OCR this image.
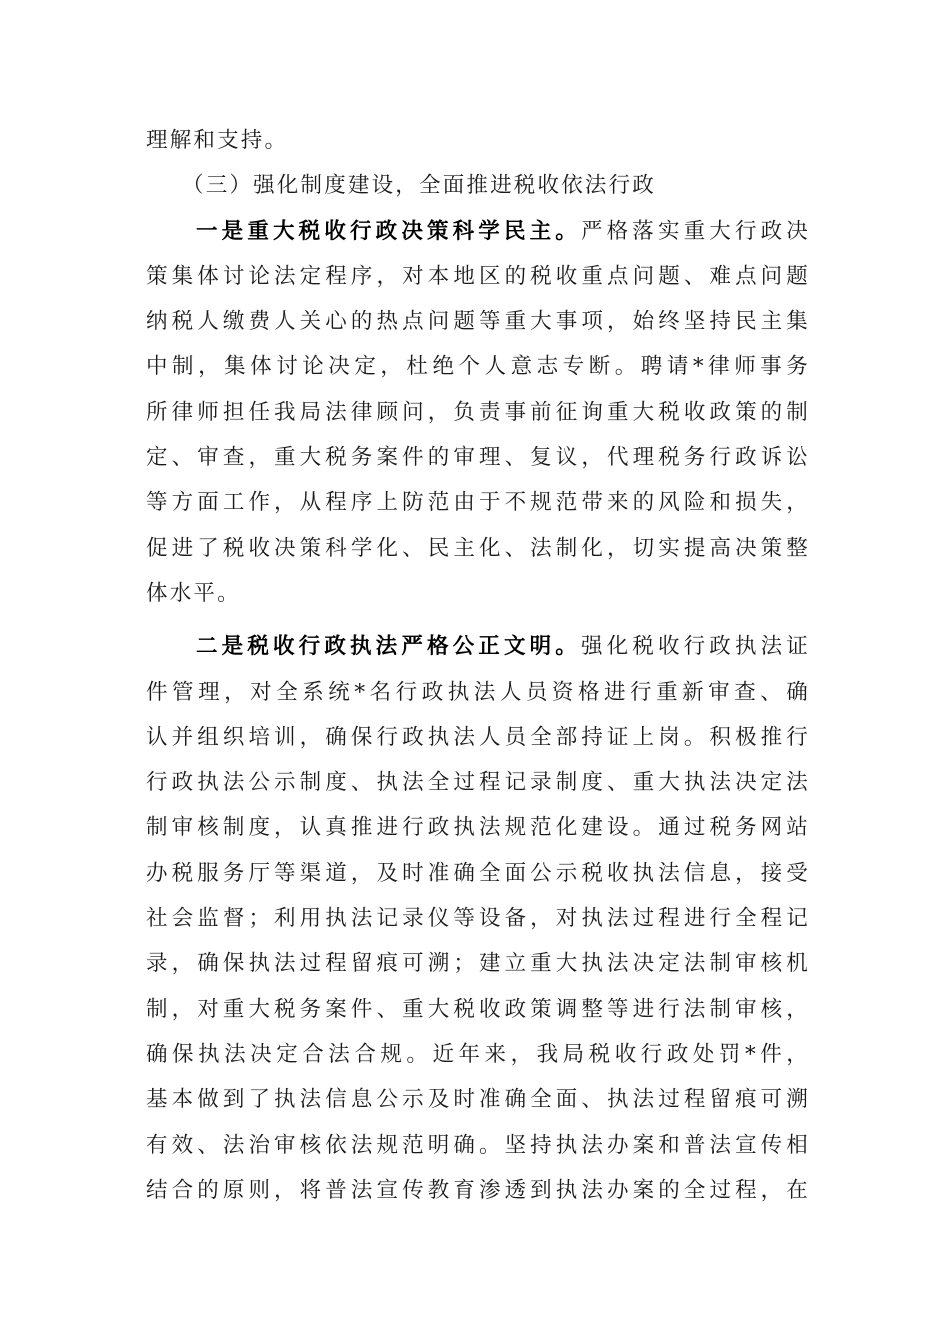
理解和支持。
（三）强化制度建设，全面推进税收依法行政
一是重大税收行政决策科学民主。严格落实重大行政决
策集体讨论法定程序，对本地区的税收重点问题、难点问题
纳税人缴费人关心的热点问题等重大事项，始终坚持民主集
中制，集体讨论决定，杜绝个人意志专断。聘请*律师事务
所律师担任我局法律顾问，负责事前征询重大税收政策的制
定、审查，重大税务案件的审理、复议，代理税务行政诉讼
等方面工作，从程序上防范由于不规范带来的风险和损失，
促进了税收决策科学化、民主化、法制化，切实提高决策整
体水平。
二是税收行政执法严格公正文明。强化税收行政执法证
件管理，对全系统*名行政执法人员资格进行重新审查、确
认并组织培训，确保行政执法人员全部持证上岗。积极推行
行政执法公示制度、执法全过程记录制度、重大执法决定法
制审核制度，认真推进行政执法规范化建设。通过税务网站
办税服务厅等渠道，及时准确全面公示税收执法信息，接受
社会监督；利用执法记录仪等设备，对执法过程进行全程记
录，确保执法过程留痕可溯；建立重大执法决定法制审核机
制，对重大税务案件、重大税收政策调整等进行法制审核，
确保执法决定合法合规。近年来，我局税收行政处罚*件，
基本做到了执法信息公示及时准确全面、执法过程留痕可溯
有效、法治审核依法规范明确。坚持执法办案和普法宣传相
结合的原则，将普法宣传教育渗透到执法办案的全过程，在
